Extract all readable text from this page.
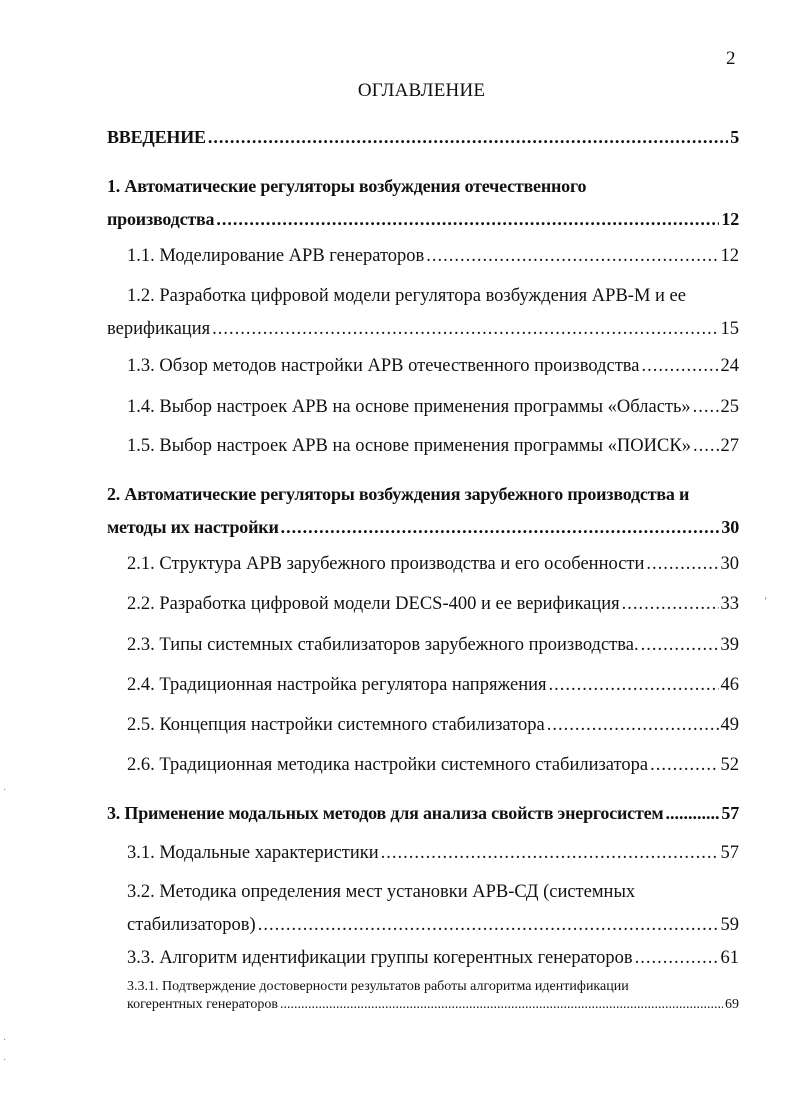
2
ОГЛАВЛЕНИЕ
ВВЕДЕНИЕ .....	5
1. Автоматические регуляторы возбуждения отечественного
производства .....	12
1.1. Моделирование АРВ генераторов .....	12
1.2. Разработка цифровой модели регулятора возбуждения АРВ-М и ее
верификация .....	15
1.3. Обзор методов настройки АРВ отечественного производства .....	24
1.4. Выбор настроек АРВ на основе применения программы «Область» ..... 25
1.5. Выбор настроек АРВ на основе применения программы «ПОИСК» ..... 27
2. Автоматические регуляторы возбуждения зарубежного производства и
методы их настройки .....	30
2.1. Структура АРВ зарубежного производства и его особенности .....	30
2.2. Разработка цифровой модели DECS-400 и ее верификация .....	33
2.3. Типы системных стабилизаторов зарубежного производства. .....	39
2.4. Традиционная настройка регулятора напряжения .....	46
2.5. Концепция настройки системного стабилизатора .....	49
2.6. Традиционная методика настройки системного стабилизатора .....	52
3. Применение модальных методов для анализа свойств энергосистем .....	57
3.1. Модальные характеристики .....	57
3.2. Методика определения мест установки АРВ-СД (системных
стабилизаторов) .....	59
3.3. Алгоритм идентификации группы когерентных генераторов .....	61
3.3.1. Подтверждение достоверности результатов работы алгоритма идентификации
когерентных генераторов .....	69
‘
·
·
·
